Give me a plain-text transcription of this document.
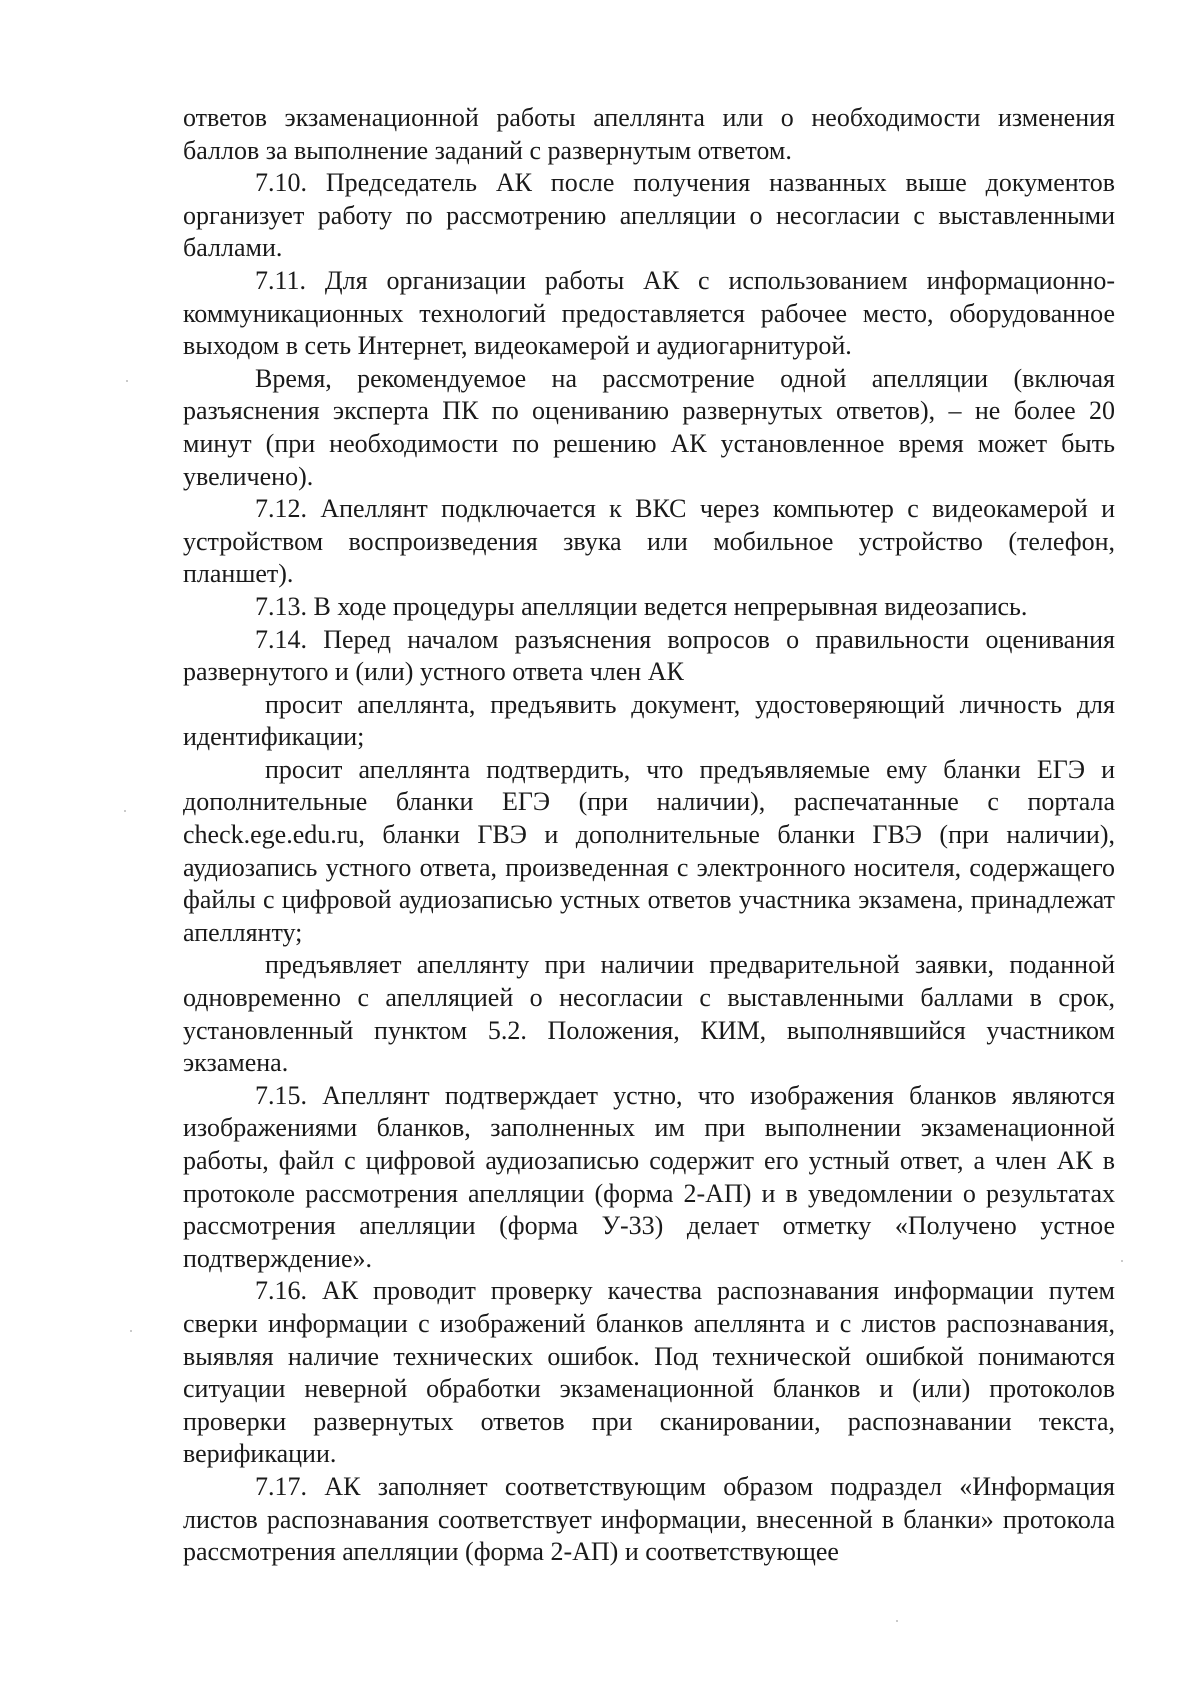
ответов экзаменационной работы апеллянта или о необходимости изменения баллов за выполнение заданий с развернутым ответом.

7.10. Председатель АК после получения названных выше документов организует работу по рассмотрению апелляции о несогласии с выставленными баллами.

7.11. Для организации работы АК с использованием информационно-коммуникационных технологий предоставляется рабочее место, оборудованное выходом в сеть Интернет, видеокамерой и аудиогарнитурой.

Время, рекомендуемое на рассмотрение одной апелляции (включая разъяснения эксперта ПК по оцениванию развернутых ответов), – не более 20 минут (при необходимости по решению АК установленное время может быть увеличено).

7.12. Апеллянт подключается к ВКС через компьютер с видеокамерой и устройством воспроизведения звука или мобильное устройство (телефон, планшет).

7.13. В ходе процедуры апелляции ведется непрерывная видеозапись.

7.14. Перед началом разъяснения вопросов о правильности оценивания развернутого и (или) устного ответа член АК

просит апеллянта, предъявить документ, удостоверяющий личность для идентификации;

просит апеллянта подтвердить, что предъявляемые ему бланки ЕГЭ и дополнительные бланки ЕГЭ (при наличии), распечатанные с портала check.ege.edu.ru, бланки ГВЭ и дополнительные бланки ГВЭ (при наличии), аудиозапись устного ответа, произведенная с электронного носителя, содержащего файлы с цифровой аудиозаписью устных ответов участника экзамена, принадлежат апеллянту;

предъявляет апеллянту при наличии предварительной заявки, поданной одновременно с апелляцией о несогласии с выставленными баллами в срок, установленный пунктом 5.2. Положения, КИМ, выполнявшийся участником экзамена.

7.15. Апеллянт подтверждает устно, что изображения бланков являются изображениями бланков, заполненных им при выполнении экзаменационной работы, файл с цифровой аудиозаписью содержит его устный ответ, а член АК в протоколе рассмотрения апелляции (форма 2-АП) и в уведомлении о результатах рассмотрения апелляции (форма У-33) делает отметку «Получено устное подтверждение».

7.16. АК проводит проверку качества распознавания информации путем сверки информации с изображений бланков апеллянта и с листов распознавания, выявляя наличие технических ошибок. Под технической ошибкой понимаются ситуации неверной обработки экзаменационной бланков и (или) протоколов проверки развернутых ответов при сканировании, распознавании текста, верификации.

7.17. АК заполняет соответствующим образом подраздел «Информация листов распознавания соответствует информации, внесенной в бланки» протокола рассмотрения апелляции (форма 2-АП) и соответствующее
